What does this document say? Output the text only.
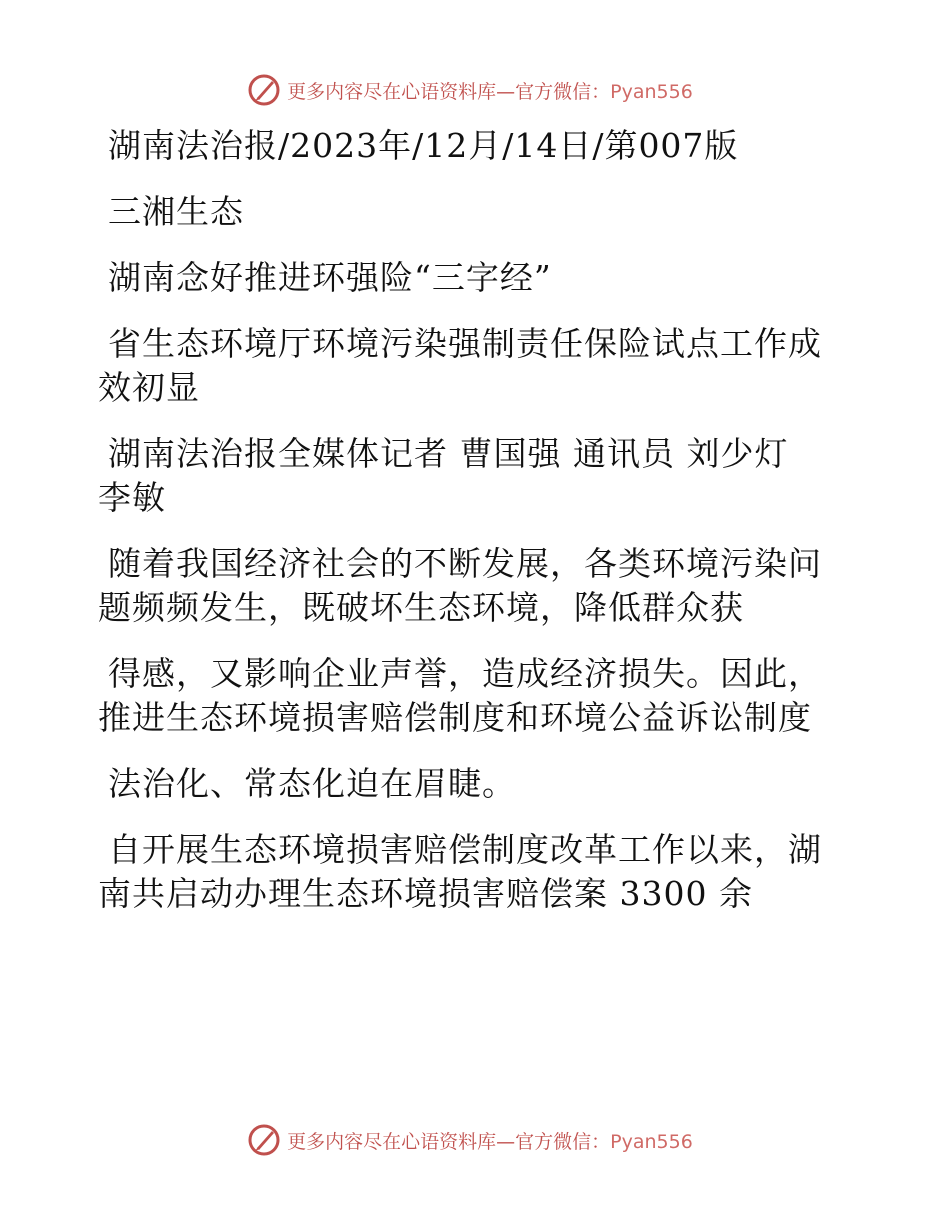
更多内容尽在心语资料库—官方微信：Pyan556

湖南法治报/2023年/12月/14日/第007版

三湘生态

湖南念好推进环强险“三字经”

省生态环境厅环境污染强制责任保险试点工作成

效初显

湖南法治报全媒体记者 曹国强 通讯员 刘少灯

李敏

随着我国经济社会的不断发展，各类环境污染问

题频频发生，既破坏生态环境，降低群众获

得感，又影响企业声誉，造成经济损失。因此，

推进生态环境损害赔偿制度和环境公益诉讼制度

法治化、常态化迫在眉睫。

自开展生态环境损害赔偿制度改革工作以来，湖

南共启动办理生态环境损害赔偿案 3300 余

更多内容尽在心语资料库—官方微信：Pyan556
